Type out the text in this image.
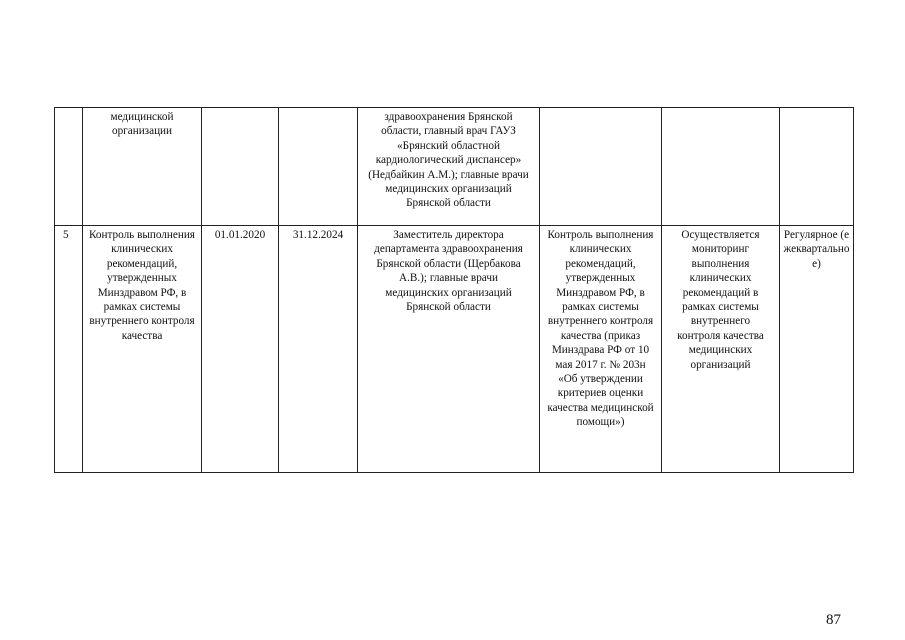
	медицинской организации			здравоохранения Брянской области, главный врач ГАУЗ «Брянский областной кардиологический диспансер» (Недбайкин А.М.); главные врачи медицинских организаций Брянской области			

5	Контроль выполнения клинических рекомендаций, утвержденных Минздравом РФ, в рамках системы внутреннего контроля качества	01.01.2020	31.12.2024	Заместитель директора департамента здравоохранения Брянской области (Щербакова А.В.); главные врачи медицинских организаций Брянской области	Контроль выполнения клинических рекомендаций, утвержденных Минздравом РФ, в рамках системы внутреннего контроля качества (приказ Минздрава РФ от 10 мая 2017 г. № 203н «Об утверждении критериев оценки качества медицинской помощи»)	Осуществляется мониторинг выполнения клинических рекомендаций в рамках системы внутреннего контроля качества медицинских организаций	Регулярное (ежеквартальное)
87
